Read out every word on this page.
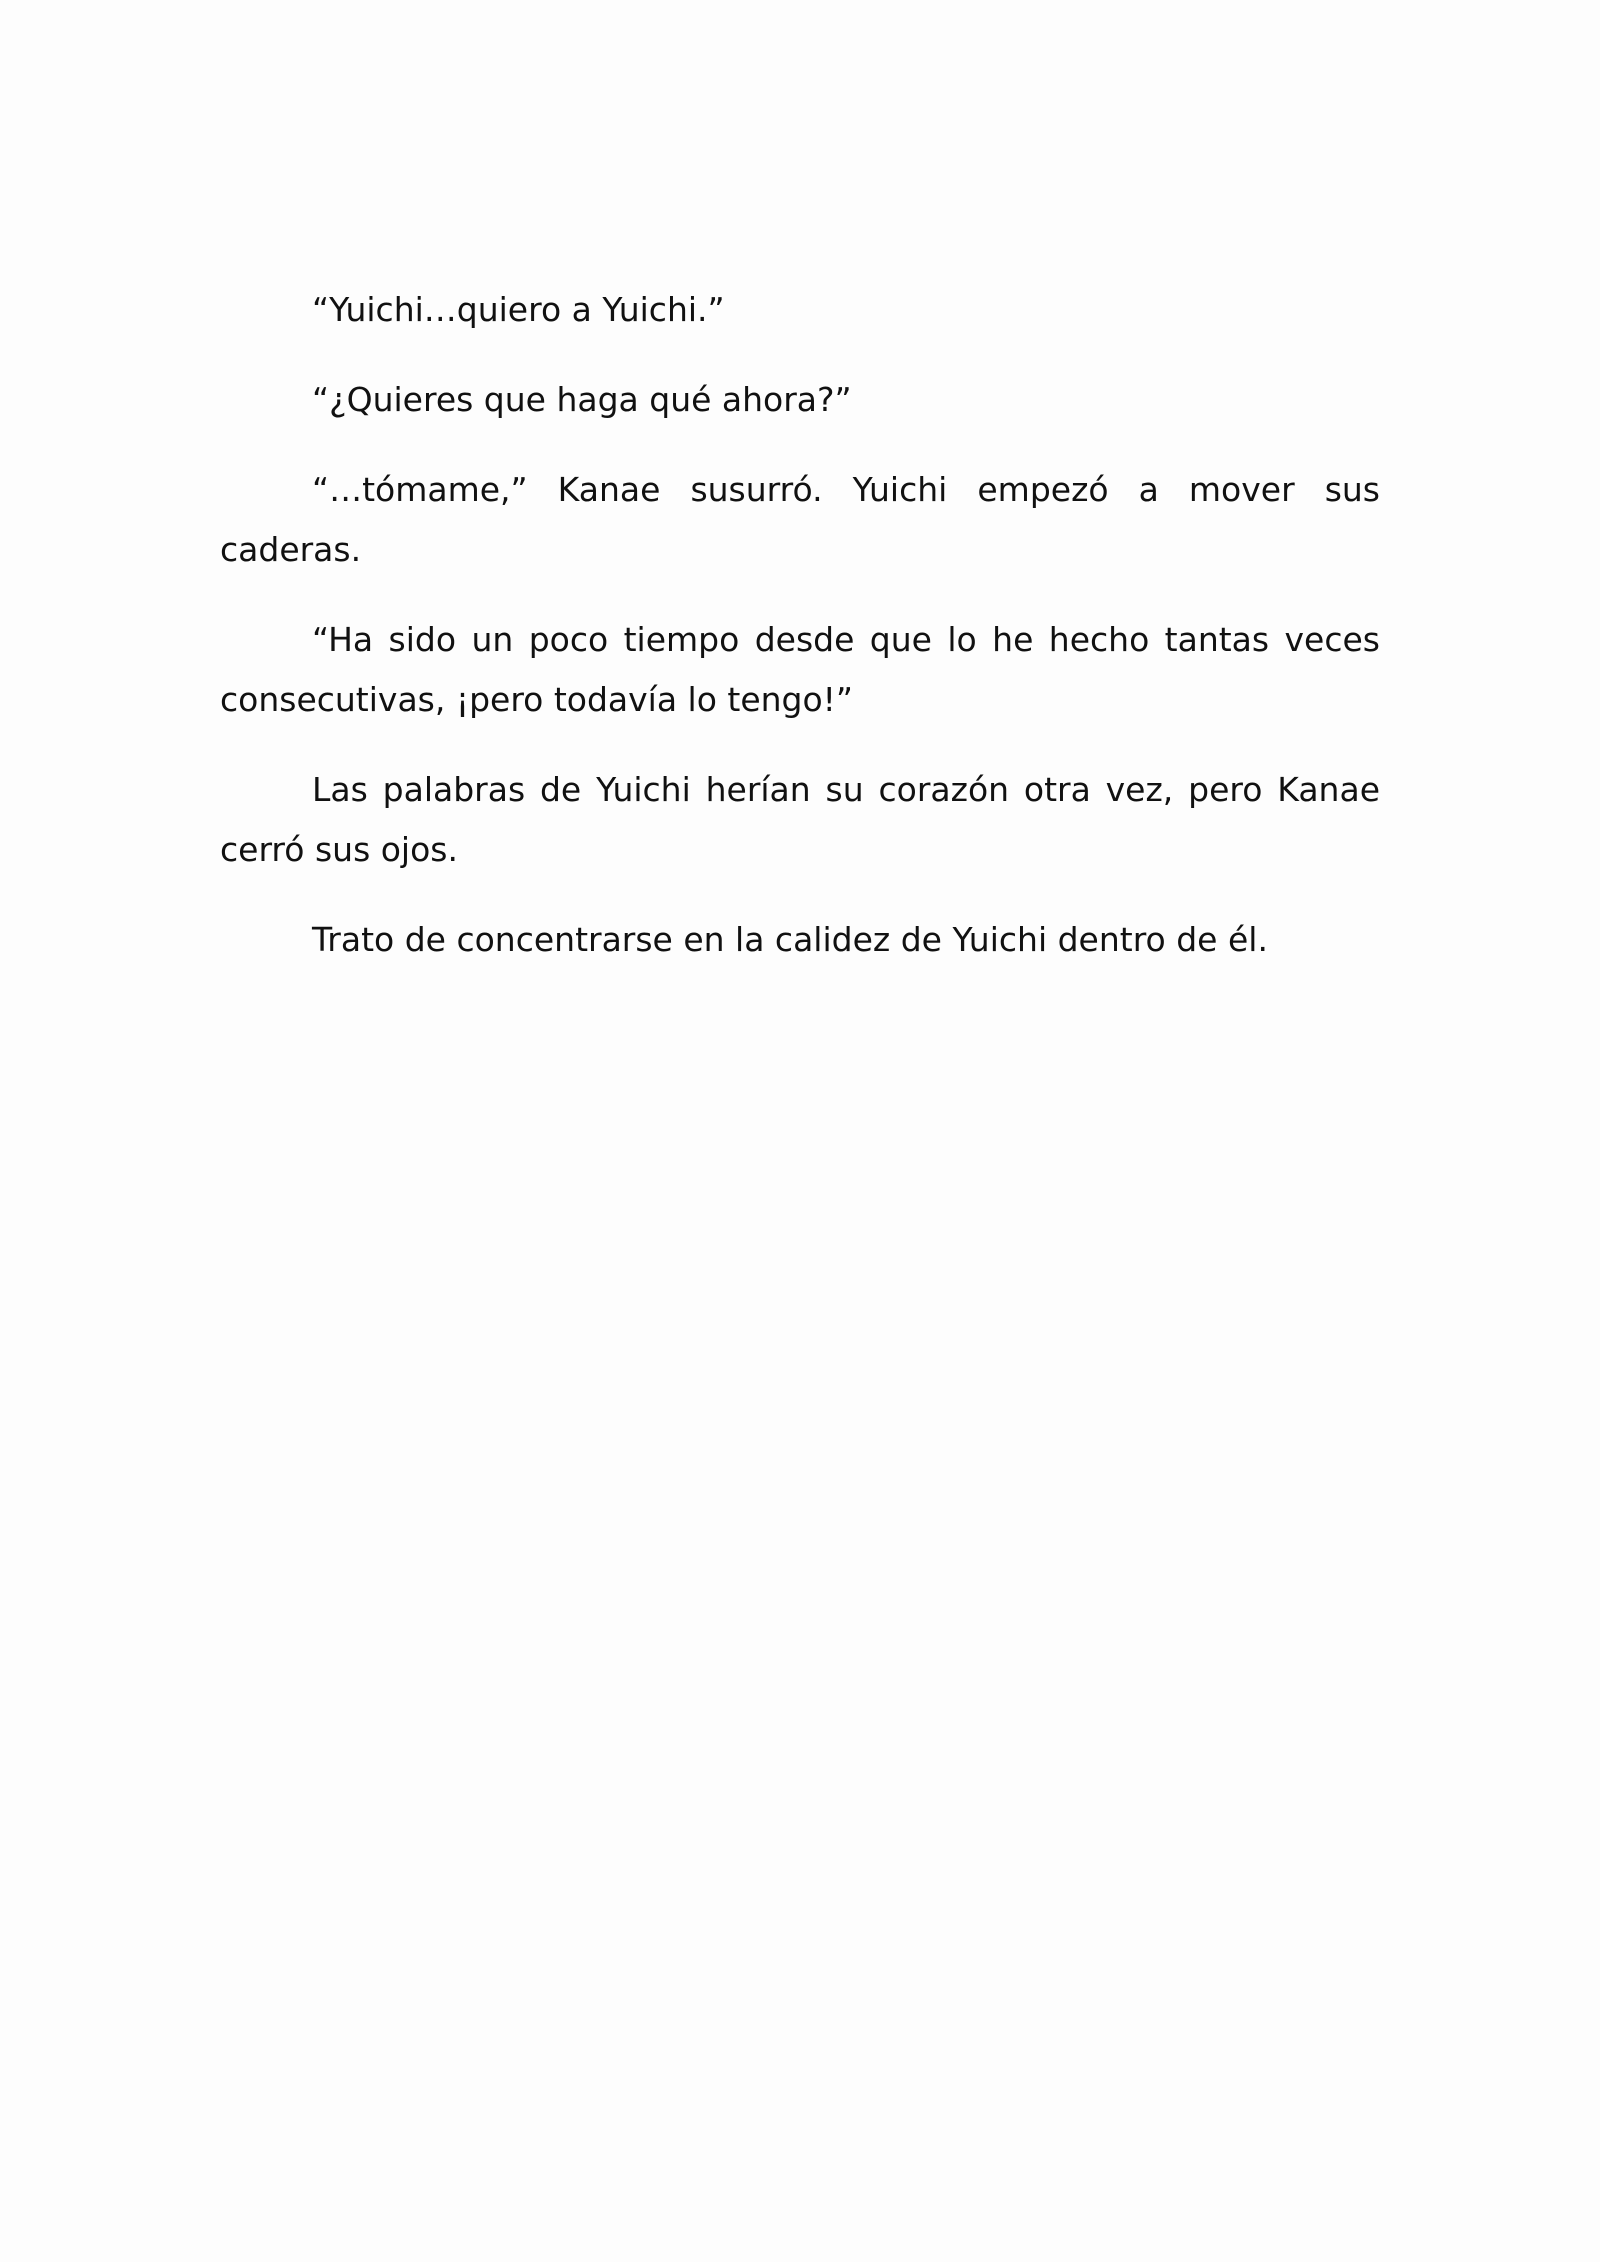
“Yuichi…quiero a Yuichi.”

“¿Quieres que haga qué ahora?”

“…tómame,” Kanae susurró. Yuichi empezó a mover sus caderas.

“Ha sido un poco tiempo desde que lo he hecho tantas veces consecutivas, ¡pero todavía lo tengo!”

Las palabras de Yuichi herían su corazón otra vez, pero Kanae cerró sus ojos.

Trato de concentrarse en la calidez de Yuichi dentro de él.
